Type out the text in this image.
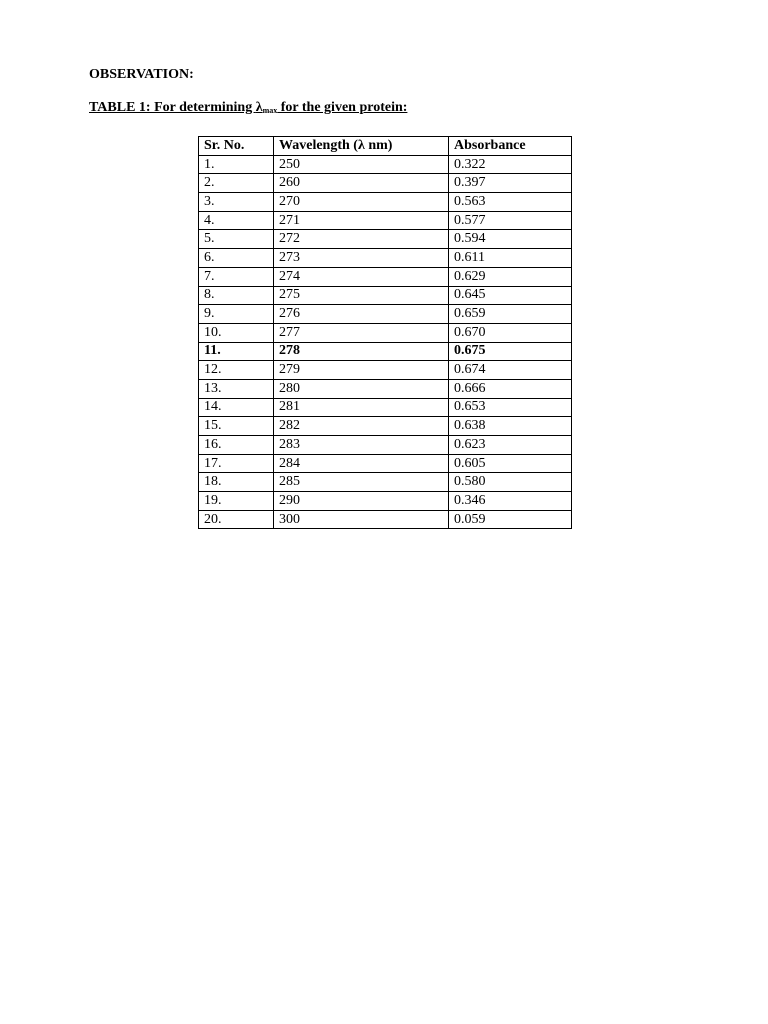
OBSERVATION:
TABLE 1: For determining $\lambda_{max}$ for the given protein:
Sr. No.	Wavelength (λ nm)	Absorbance
1.	250	0.322
2.	260	0.397
3.	270	0.563
4.	271	0.577
5.	272	0.594
6.	273	0.611
7.	274	0.629
8.	275	0.645
9.	276	0.659
10.	277	0.670
11.	278	0.675
12.	279	0.674
13.	280	0.666
14.	281	0.653
15.	282	0.638
16.	283	0.623
17.	284	0.605
18.	285	0.580
19.	290	0.346
20.	300	0.059
